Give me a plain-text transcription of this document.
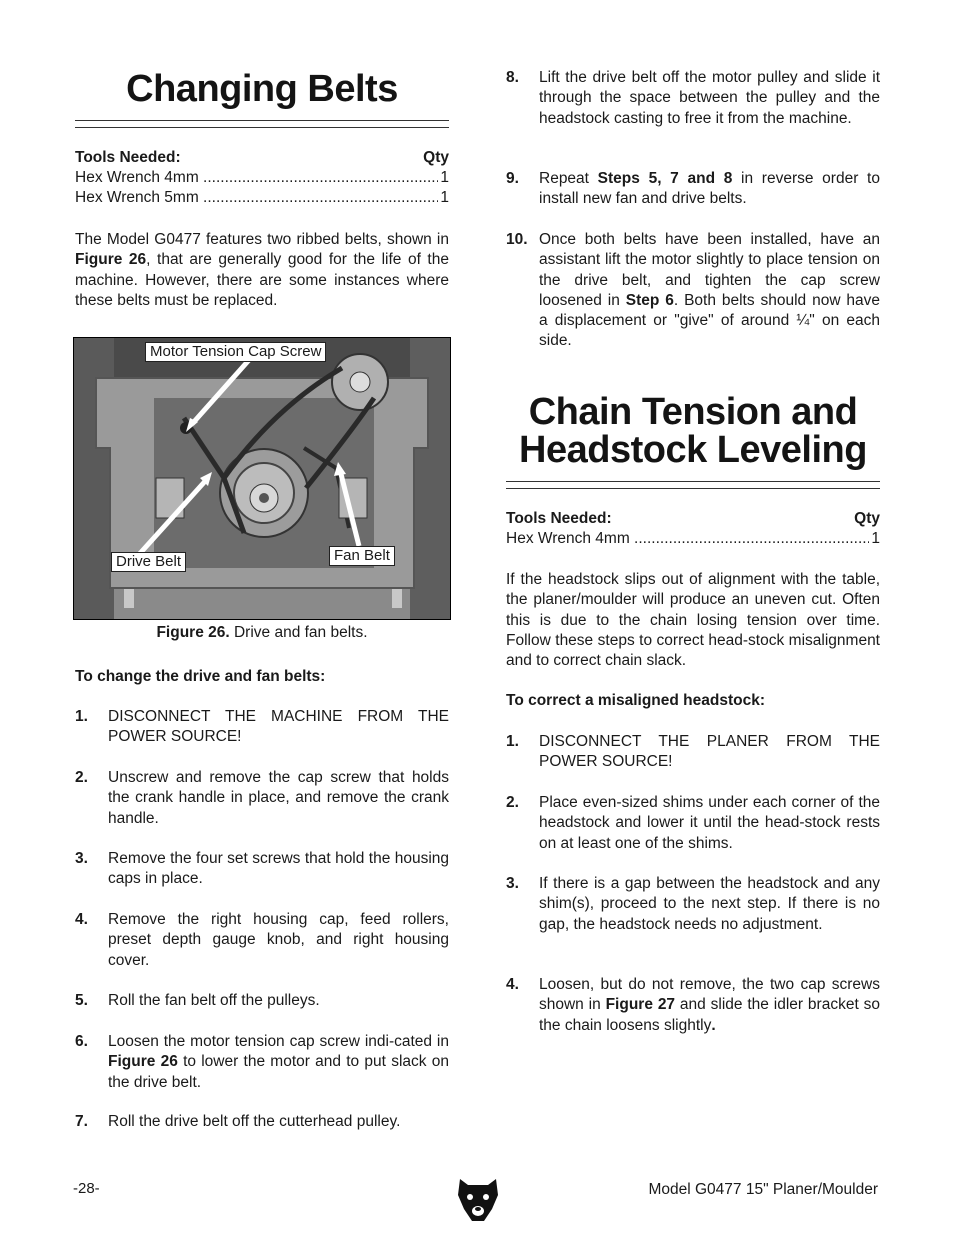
Changing Belts
Tools Needed:	Qty
Hex Wrench 4mm .....	1
Hex Wrench 5mm .....	1

The Model G0477 features two ribbed belts, shown in Figure 26, that are generally good for the life of the machine. However, there are some instances where these belts must be replaced.

Motor Tension Cap Screw
Drive Belt	Fan Belt
Figure 26. Drive and fan belts.
To change the drive and fan belts:
1.	DISCONNECT THE MACHINE FROM THE POWER SOURCE!
2.	Unscrew and remove the cap screw that holds the crank handle in place, and remove the crank handle.
3.	Remove the four set screws that hold the housing caps in place.
4.	Remove the right housing cap, feed rollers, preset depth gauge knob, and right housing cover.
5.	Roll the fan belt off the pulleys.
6.	Loosen the motor tension cap screw indi-cated in Figure 26 to lower the motor and to put slack on the drive belt.
7.	Roll the drive belt off the cutterhead pulley.
8.	Lift the drive belt off the motor pulley and slide it through the space between the pulley and the headstock casting to free it from the machine.
9.	Repeat Steps 5, 7 and 8 in reverse order to install new fan and drive belts.
10. Once both belts have been installed, have an assistant lift the motor slightly to place tension on the drive belt, and tighten the cap screw loosened in Step 6. Both belts should now have a displacement or "give" of around ¼" on each side.
Chain Tension and
Headstock Leveling
Tools Needed:	Qty
Hex Wrench 4mm .....	1

If the headstock slips out of alignment with the table, the planer/moulder will produce an uneven cut. Often this is due to the chain losing tension over time. Follow these steps to correct head-stock misalignment and to correct chain slack.

To correct a misaligned headstock:
1.	DISCONNECT THE PLANER FROM THE POWER SOURCE!
2.	Place even-sized shims under each corner of the headstock and lower it until the head-stock rests on at least one of the shims.
3.	If there is a gap between the headstock and any shim(s), proceed to the next step. If there is no gap, the headstock needs no adjustment.
4.	Loosen, but do not remove, the two cap screws shown in Figure 27 and slide the idler bracket so the chain loosens slightly.
-28-	Model G0477 15" Planer/Moulder
